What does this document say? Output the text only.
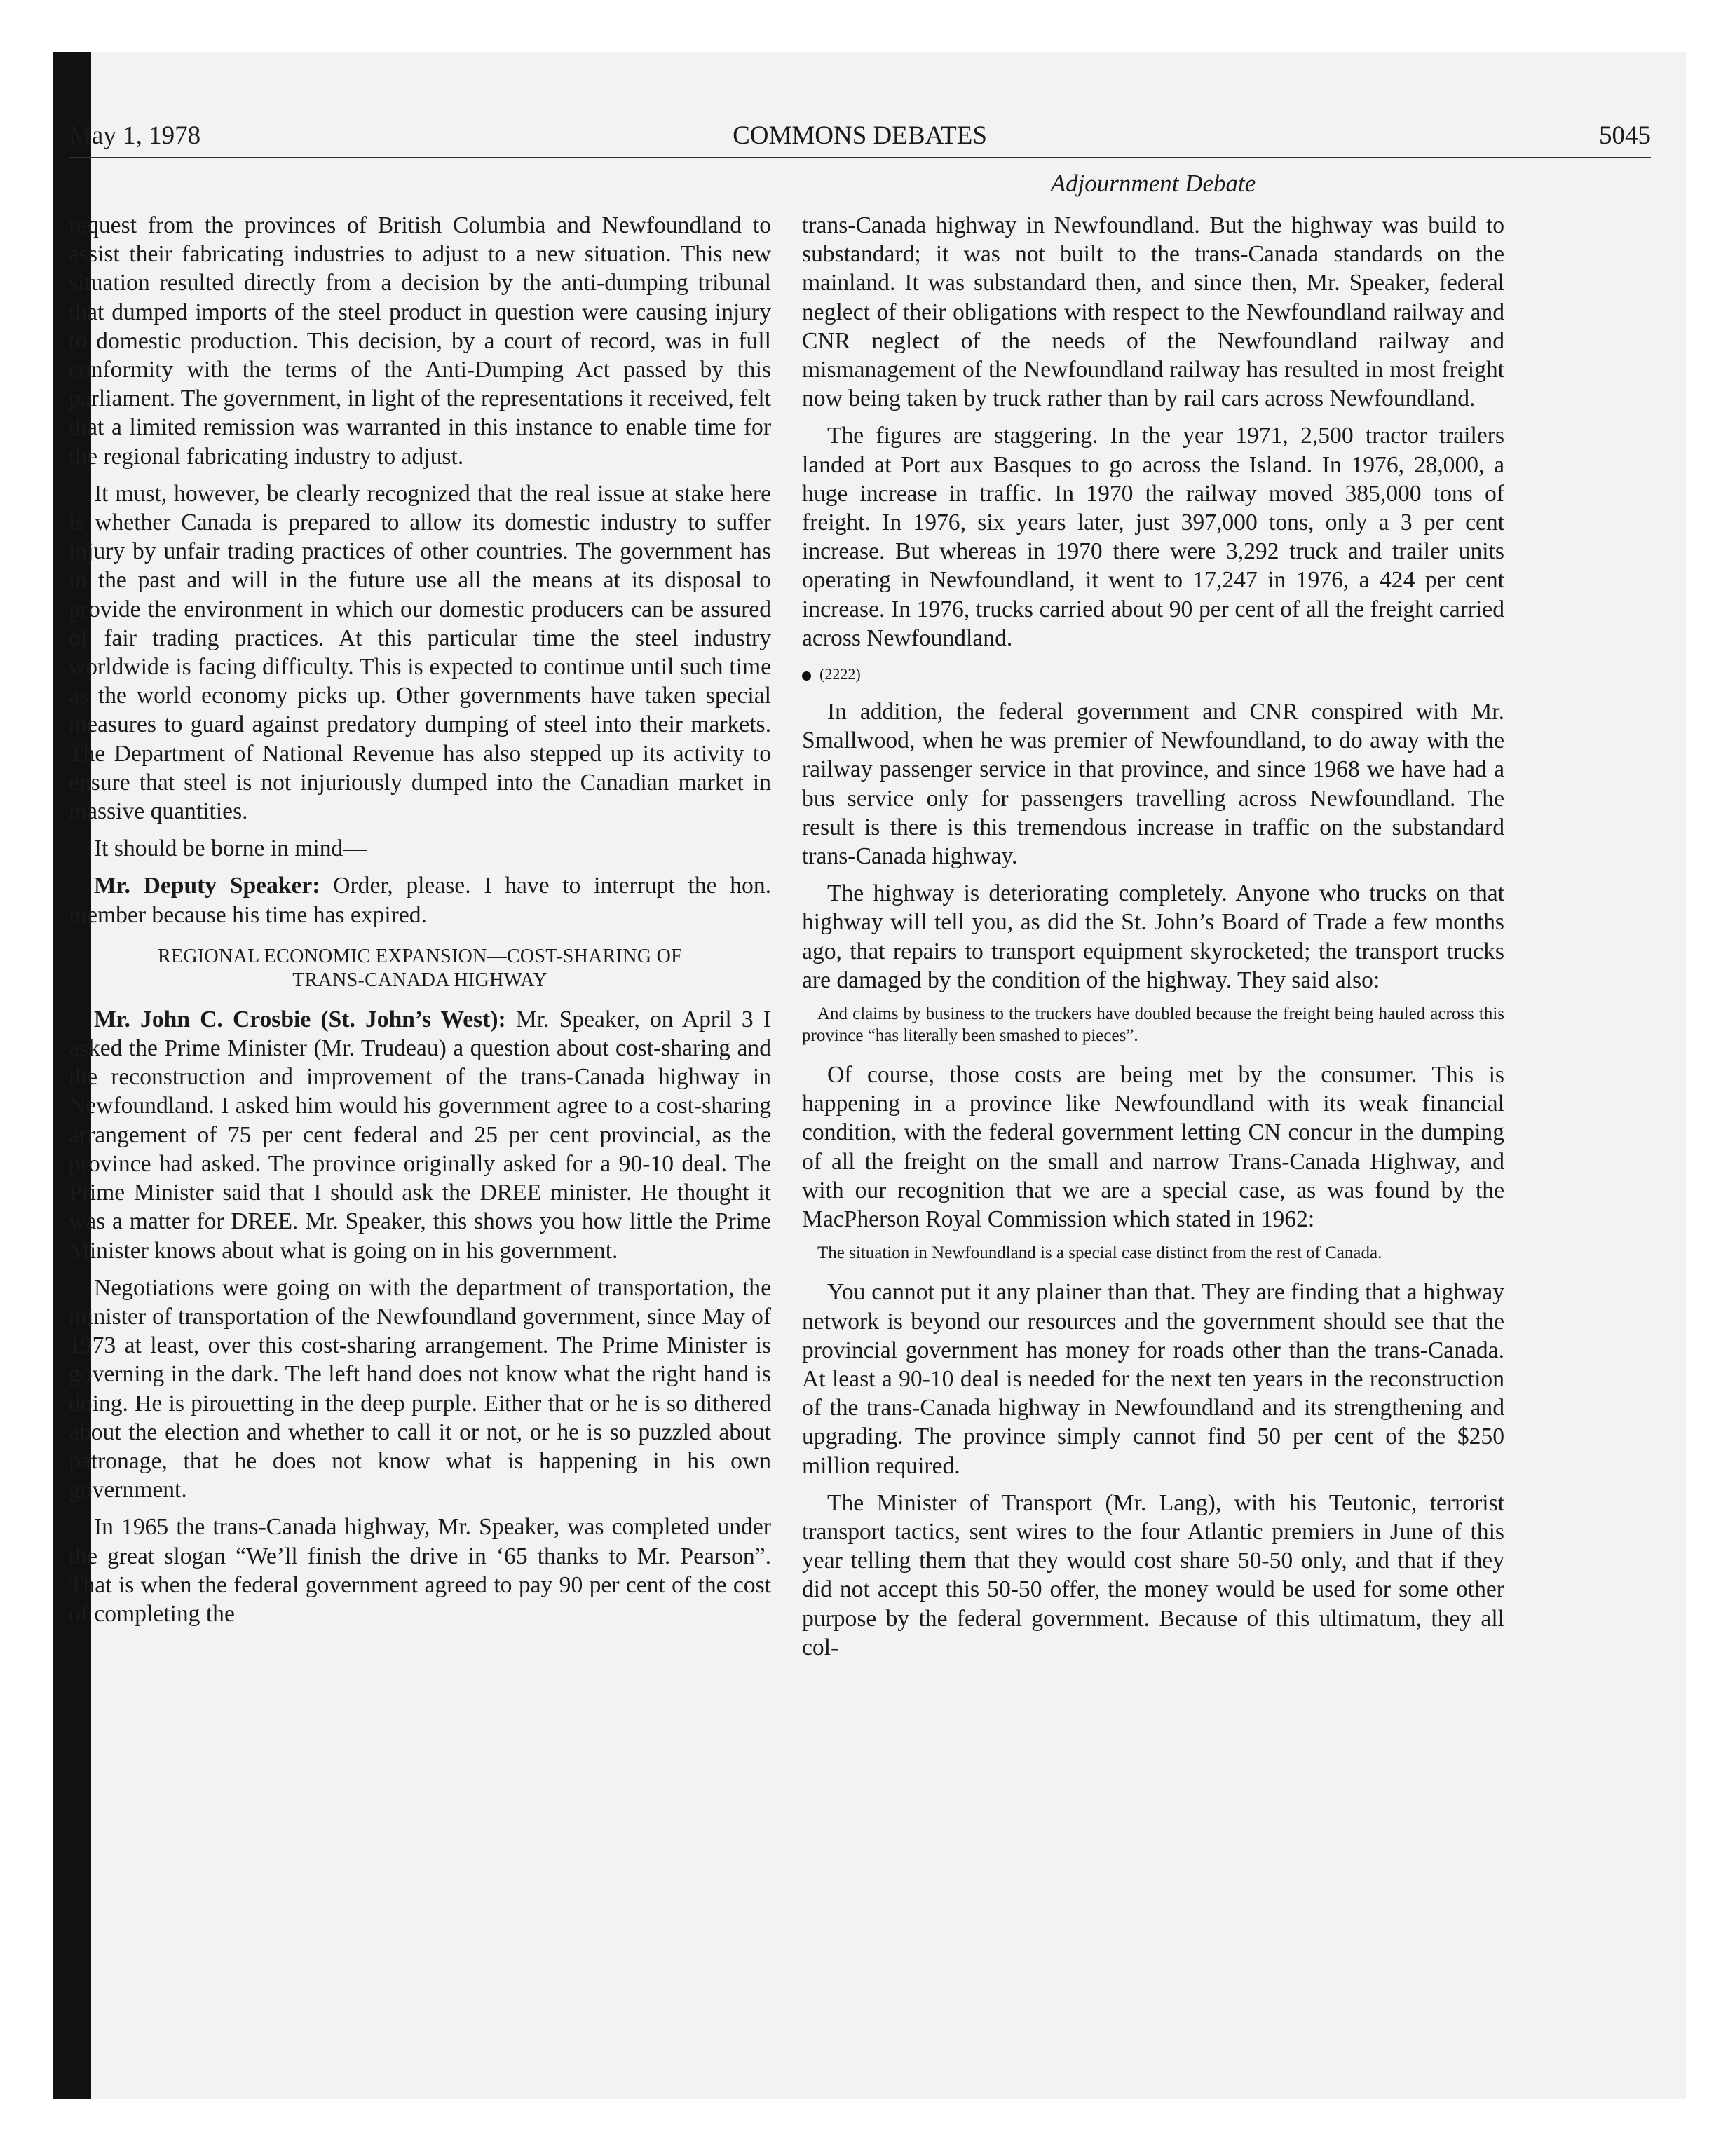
May 1, 1978	COMMONS DEBATES	5045
Adjournment Debate

request from the provinces of British Columbia and Newfoundland to assist their fabricating industries to adjust to a new situation. This new situation resulted directly from a decision by the anti-dumping tribunal that dumped imports of the steel product in question were causing injury to domestic production. This decision, by a court of record, was in full conformity with the terms of the Anti-Dumping Act passed by this parliament. The government, in light of the representations it received, felt that a limited remission was warranted in this instance to enable time for the regional fabricating industry to adjust.

It must, however, be clearly recognized that the real issue at stake here is whether Canada is prepared to allow its domestic industry to suffer injury by unfair trading practices of other countries. The government has in the past and will in the future use all the means at its disposal to provide the environment in which our domestic producers can be assured of fair trading practices. At this particular time the steel industry worldwide is facing difficulty. This is expected to continue until such time as the world economy picks up. Other governments have taken special measures to guard against predatory dumping of steel into their markets. The Department of National Revenue has also stepped up its activity to ensure that steel is not injuriously dumped into the Canadian market in massive quantities.

It should be borne in mind—

Mr. Deputy Speaker: Order, please. I have to interrupt the hon. member because his time has expired.

REGIONAL ECONOMIC EXPANSION—COST-SHARING OF
TRANS-CANADA HIGHWAY

Mr. John C. Crosbie (St. John’s West): Mr. Speaker, on April 3 I asked the Prime Minister (Mr. Trudeau) a question about cost-sharing and the reconstruction and improvement of the trans-Canada highway in Newfoundland. I asked him would his government agree to a cost-sharing arrangement of 75 per cent federal and 25 per cent provincial, as the province had asked. The province originally asked for a 90-10 deal. The Prime Minister said that I should ask the DREE minister. He thought it was a matter for DREE. Mr. Speaker, this shows you how little the Prime Minister knows about what is going on in his government.

Negotiations were going on with the department of transportation, the minister of transportation of the Newfoundland government, since May of 1973 at least, over this cost-sharing arrangement. The Prime Minister is governing in the dark. The left hand does not know what the right hand is doing. He is pirouetting in the deep purple. Either that or he is so dithered about the election and whether to call it or not, or he is so puzzled about patronage, that he does not know what is happening in his own government.

In 1965 the trans-Canada highway, Mr. Speaker, was completed under the great slogan “We’ll finish the drive in ‘65 thanks to Mr. Pearson”. That is when the federal government agreed to pay 90 per cent of the cost of completing the

trans-Canada highway in Newfoundland. But the highway was build to substandard; it was not built to the trans-Canada standards on the mainland. It was substandard then, and since then, Mr. Speaker, federal neglect of their obligations with respect to the Newfoundland railway and CNR neglect of the needs of the Newfoundland railway and mismanagement of the Newfoundland railway has resulted in most freight now being taken by truck rather than by rail cars across Newfoundland.

The figures are staggering. In the year 1971, 2,500 tractor trailers landed at Port aux Basques to go across the Island. In 1976, 28,000, a huge increase in traffic. In 1970 the railway moved 385,000 tons of freight. In 1976, six years later, just 397,000 tons, only a 3 per cent increase. But whereas in 1970 there were 3,292 truck and trailer units operating in Newfoundland, it went to 17,247 in 1976, a 424 per cent increase. In 1976, trucks carried about 90 per cent of all the freight carried across Newfoundland.

(2222)

In addition, the federal government and CNR conspired with Mr. Smallwood, when he was premier of Newfoundland, to do away with the railway passenger service in that province, and since 1968 we have had a bus service only for passengers travelling across Newfoundland. The result is there is this tremendous increase in traffic on the substandard trans-Canada highway.

The highway is deteriorating completely. Anyone who trucks on that highway will tell you, as did the St. John’s Board of Trade a few months ago, that repairs to transport equipment skyrocketed; the transport trucks are damaged by the condition of the highway. They said also:

And claims by business to the truckers have doubled because the freight being hauled across this province “has literally been smashed to pieces”.

Of course, those costs are being met by the consumer. This is happening in a province like Newfoundland with its weak financial condition, with the federal government letting CN concur in the dumping of all the freight on the small and narrow Trans-Canada Highway, and with our recognition that we are a special case, as was found by the MacPherson Royal Commission which stated in 1962:

The situation in Newfoundland is a special case distinct from the rest of Canada.

You cannot put it any plainer than that. They are finding that a highway network is beyond our resources and the government should see that the provincial government has money for roads other than the trans-Canada. At least a 90-10 deal is needed for the next ten years in the reconstruction of the trans-Canada highway in Newfoundland and its strengthening and upgrading. The province simply cannot find 50 per cent of the $250 million required.

The Minister of Transport (Mr. Lang), with his Teutonic, terrorist transport tactics, sent wires to the four Atlantic premiers in June of this year telling them that they would cost share 50-50 only, and that if they did not accept this 50-50 offer, the money would be used for some other purpose by the federal government. Because of this ultimatum, they all col-
